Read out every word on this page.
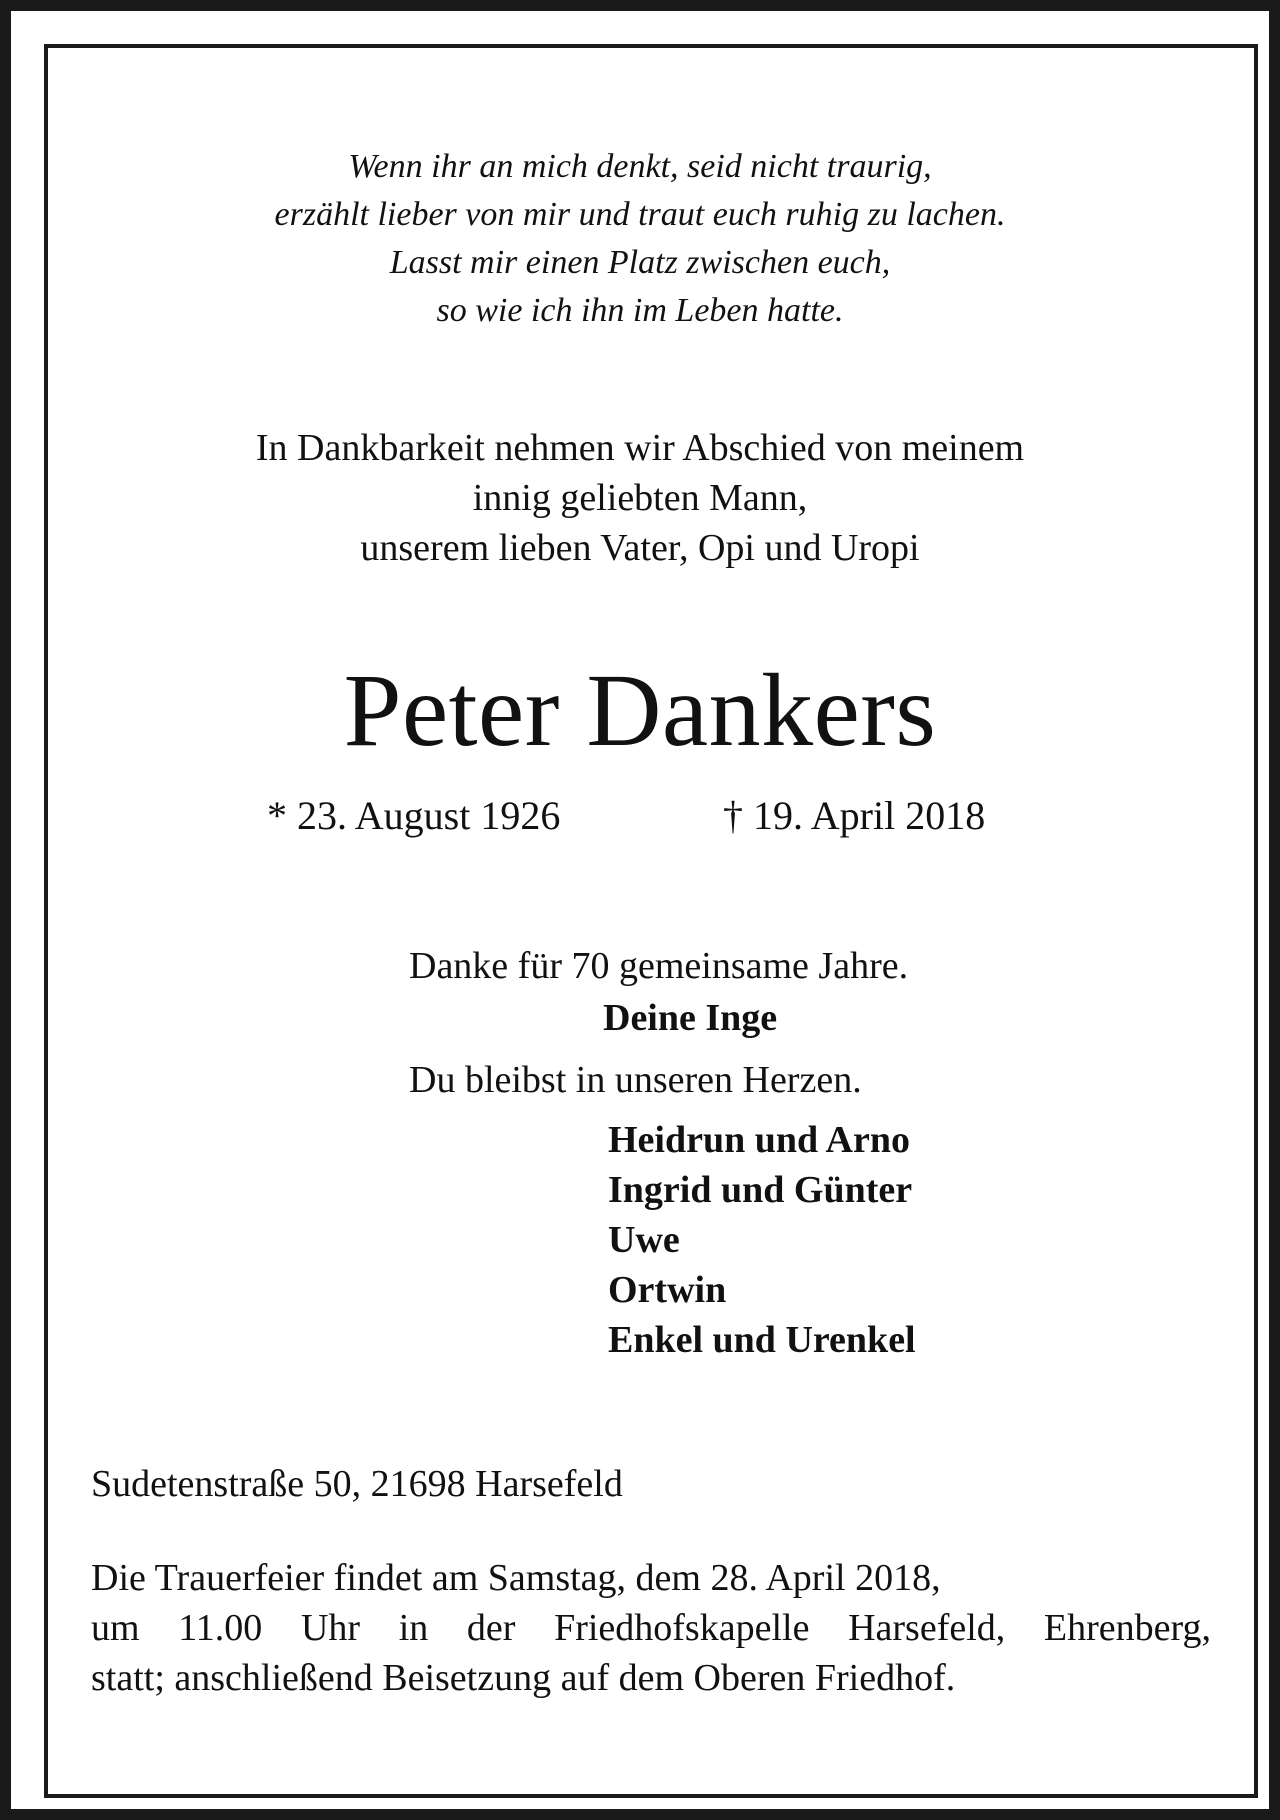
Wenn ihr an mich denkt, seid nicht traurig,
erzählt lieber von mir und traut euch ruhig zu lachen.
Lasst mir einen Platz zwischen euch,
so wie ich ihn im Leben hatte.
In Dankbarkeit nehmen wir Abschied von meinem
innig geliebten Mann,
unserem lieben Vater, Opi und Uropi
Peter Dankers
* 23. August 1926	† 19. April 2018
Danke für 70 gemeinsame Jahre.
Deine Inge
Du bleibst in unseren Herzen.
Heidrun und Arno
Ingrid und Günter
Uwe
Ortwin
Enkel und Urenkel
Sudetenstraße 50, 21698 Harsefeld
Die Trauerfeier findet am Samstag, dem 28. April 2018,
um 11.00 Uhr in der Friedhofskapelle Harsefeld, Ehrenberg,
statt; anschließend Beisetzung auf dem Oberen Friedhof.
